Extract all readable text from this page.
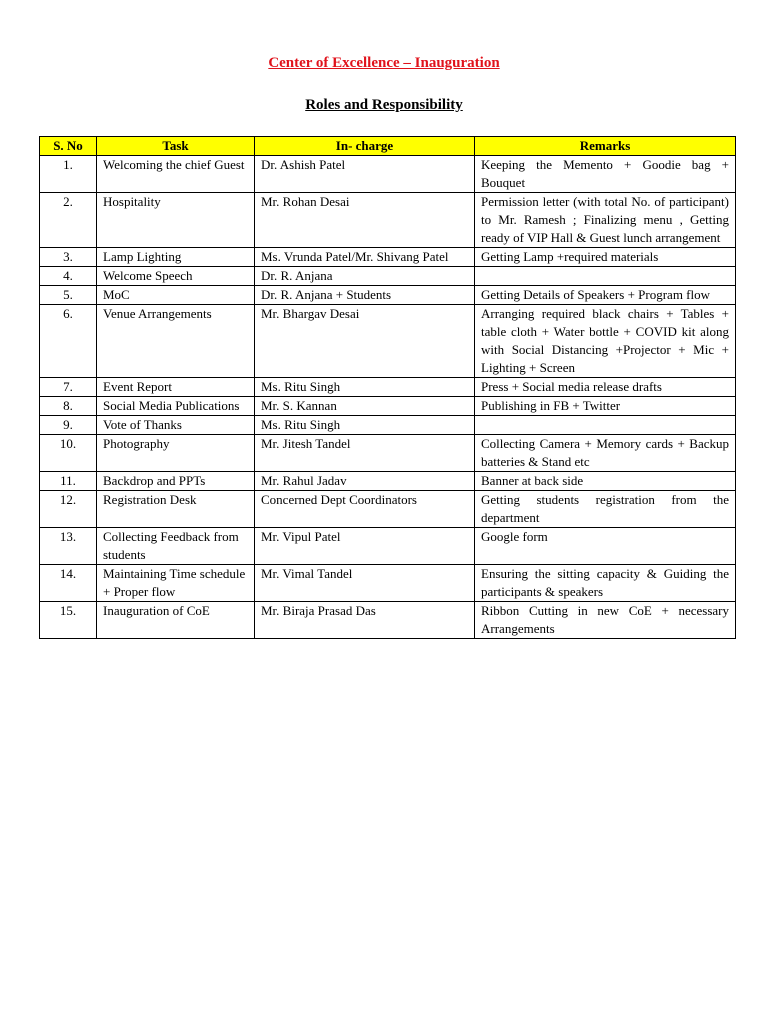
Center of Excellence – Inauguration
Roles and Responsibility
S. No	Task	In- charge	Remarks
1.	Welcoming the chief Guest	Dr. Ashish Patel	Keeping the Memento + Goodie bag + Bouquet
2.	Hospitality	Mr. Rohan Desai	Permission letter (with total No. of participant) to Mr. Ramesh ; Finalizing menu , Getting ready of VIP Hall & Guest lunch arrangement
3.	Lamp Lighting	Ms. Vrunda Patel/Mr. Shivang Patel	Getting Lamp +required materials
4.	Welcome Speech	Dr. R. Anjana	
5.	MoC	Dr. R. Anjana + Students	Getting Details of Speakers + Program flow
6.	Venue Arrangements	Mr. Bhargav Desai	Arranging required black chairs + Tables + table cloth + Water bottle + COVID kit along with Social Distancing +Projector + Mic + Lighting + Screen
7.	Event Report	Ms. Ritu Singh	Press + Social media release drafts
8.	Social Media Publications	Mr. S. Kannan	Publishing in FB + Twitter
9.	Vote of Thanks	Ms. Ritu Singh	
10.	Photography	Mr. Jitesh Tandel	Collecting Camera + Memory cards + Backup batteries & Stand etc
11.	Backdrop and PPTs	Mr. Rahul Jadav	Banner at back side
12.	Registration Desk	Concerned Dept Coordinators	Getting students registration from the department
13.	Collecting Feedback from students	Mr. Vipul Patel	Google form
14.	Maintaining Time schedule + Proper flow	Mr. Vimal Tandel	Ensuring the sitting capacity & Guiding the participants & speakers
15.	Inauguration of CoE	Mr. Biraja Prasad Das	Ribbon Cutting in new CoE + necessary Arrangements
